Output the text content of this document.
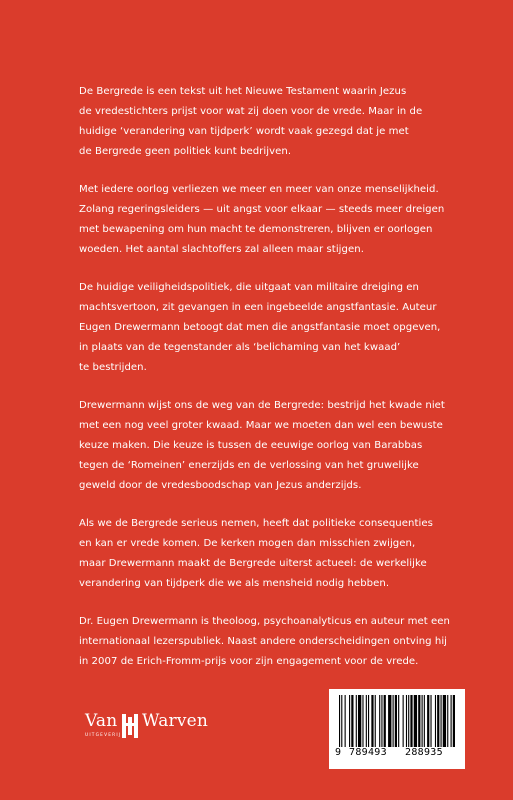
De Bergrede is een tekst uit het Nieuwe Testament waarin Jezus
de vredestichters prijst voor wat zij doen voor de vrede. Maar in de
huidige ‘verandering van tijdperk’ wordt vaak gezegd dat je met
de Bergrede geen politiek kunt bedrijven.

Met iedere oorlog verliezen we meer en meer van onze menselijkheid.
Zolang regeringsleiders — uit angst voor elkaar — steeds meer dreigen
met bewapening om hun macht te demonstreren, blijven er oorlogen
woeden. Het aantal slachtoffers zal alleen maar stijgen.

De huidige veiligheidspolitiek, die uitgaat van militaire dreiging en
machtsvertoon, zit gevangen in een ingebeelde angstfantasie. Auteur
Eugen Drewermann betoogt dat men die angstfantasie moet opgeven,
in plaats van de tegenstander als ‘belichaming van het kwaad’
te bestrijden.

Drewermann wijst ons de weg van de Bergrede: bestrijd het kwade niet
met een nog veel groter kwaad. Maar we moeten dan wel een bewuste
keuze maken. Die keuze is tussen de eeuwige oorlog van Barabbas
tegen de ‘Romeinen’ enerzijds en de verlossing van het gruwelijke
geweld door de vredesboodschap van Jezus anderzijds.

Als we de Bergrede serieus nemen, heeft dat politieke consequenties
en kan er vrede komen. De kerken mogen dan misschien zwijgen,
maar Drewermann maakt de Bergrede uiterst actueel: de werkelijke
verandering van tijdperk die we als mensheid nodig hebben.

Dr. Eugen Drewermann is theoloog, psychoanalyticus en auteur met een
internationaal lezerspubliek. Naast andere onderscheidingen ontving hij
in 2007 de Erich-Fromm-prijs voor zijn engagement voor de vrede.

Van
UITGEVERIJ
Warven
9 789493 288935
